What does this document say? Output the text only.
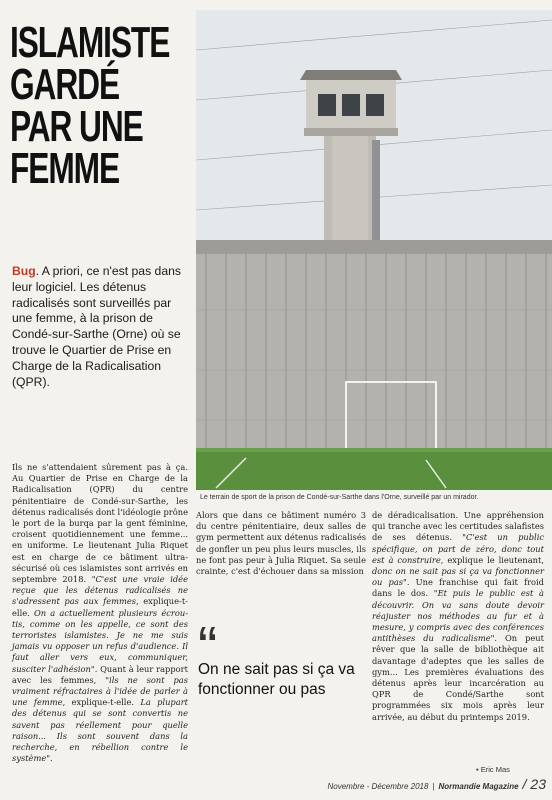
ISLAMISTE
GARDÉ
PAR UNE
FEMME
Le terrain de sport de la prison de Condé-sur-Sarthe dans l'Orne, surveillé par un mirador.

Bug. A priori, ce n'est pas dans leur logiciel. Les détenus radicalisés sont surveillés par une femme, à la prison de Condé-sur-Sarthe (Orne) où se trouve le Quartier de Prise en Charge de la Radicalisation (QPR).

Ils ne s'attendaient sûrement pas à ça. Au Quartier de Prise en Charge de la Radicalisation (QPR) du centre pénitentiaire de Condé-sur-Sarthe, les détenus radicalisés dont l'idéologie prône le port de la burqa par la gent féminine, croisent quotidiennement une femme... en uniforme. Le lieutenant Julia Riquet est en charge de ce bâtiment ultra-sécurisé où ces islamistes sont arrivés en septembre 2018. "C'est une vraie idée reçue que les détenus radicalisés ne s'adressent pas aux femmes, explique-t-elle. On a actuellement plusieurs écrou-tis, comme on les appelle, ce sont des terroristes islamistes. Je ne me suis jamais vu opposer un refus d'audience. Il faut aller vers eux, communiquer, susciter l'adhésion". Quant à leur rapport avec les femmes, "ils ne sont pas vraiment réfractaires à l'idée de parler à une femme, explique-t-elle. La plupart des détenus qui se sont convertis ne savent pas réellement pour quelle raison... Ils sont souvent dans la recherche, en rébellion contre le système".

Alors que dans ce bâtiment numéro 3 du centre pénitentiaire, deux salles de gym permettent aux détenus radicalisés de gonfler un peu plus leurs muscles, ils ne font pas peur à Julia Riquet. Sa seule crainte, c'est d'échouer dans sa mission

“
On ne sait pas si ça va fonctionner ou pas

de déradicalisation. Une appréhension qui tranche avec les certitudes salafistes de ses détenus. "C'est un public spécifique, on part de zéro, donc tout est à construire, explique le lieutenant, donc on ne sait pas si ça va fonctionner ou pas". Une franchise qui fait froid dans le dos. "Et puis le public est à découvrir. On va sans doute devoir réajuster nos méthodes au fur et à mesure, y compris avec des conférences antithèses du radicalisme". On peut rêver que la salle de bibliothèque ait davantage d'adeptes que les salles de gym... Les premières évaluations des détenus après leur incarcération au QPR de Condé/Sarthe sont programmées six mois après leur arrivée, au début du printemps 2019.

▪ Eric Mas
Novembre - Décembre 2018 | Normandie Magazine / 23
